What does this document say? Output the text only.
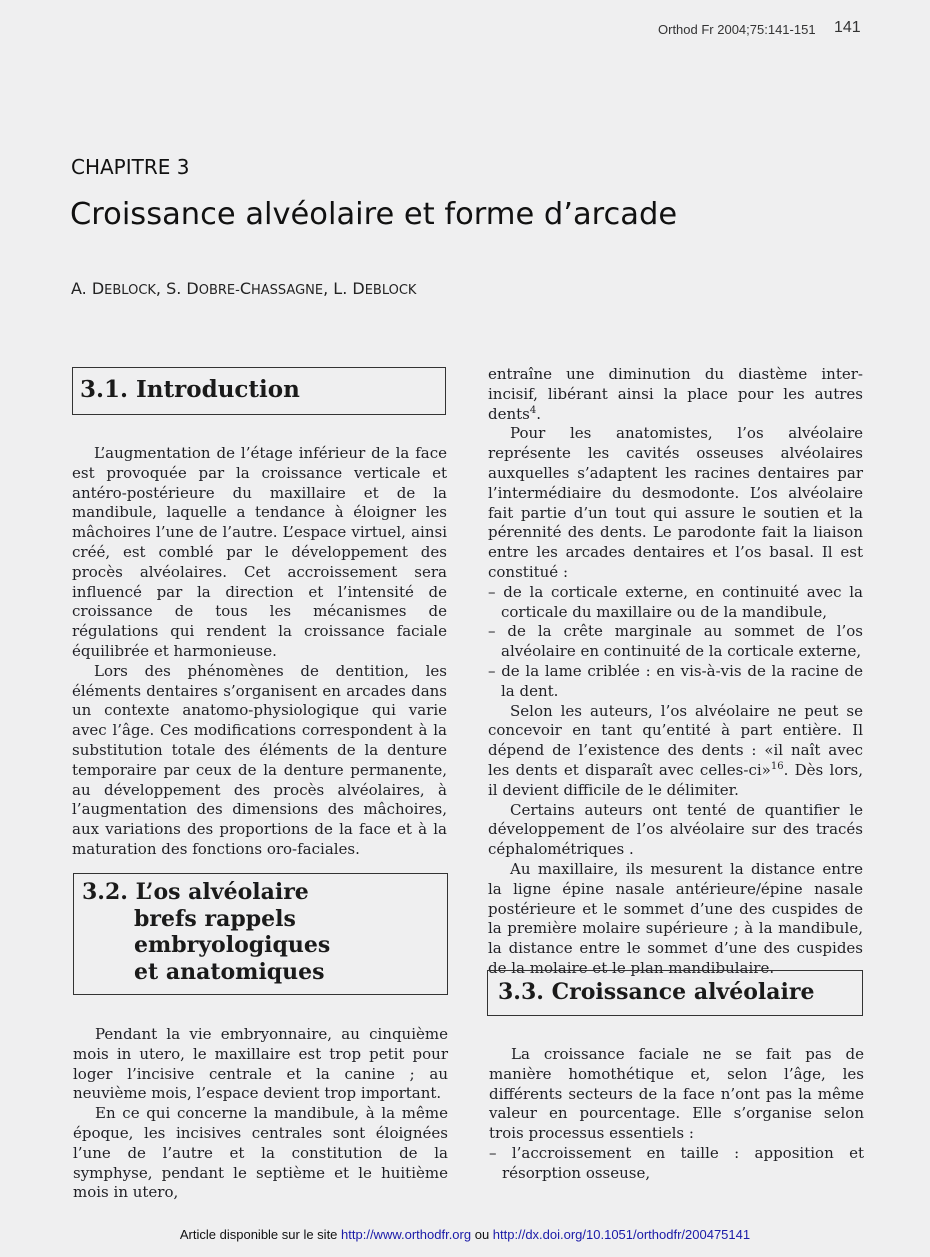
Orthod Fr 2004;75:141-151 141
CHAPITRE 3
Croissance alvéolaire et forme d’arcade
A. DEBLOCK, S. DOBRE-CHASSAGNE, L. DEBLOCK
3.1. Introduction

L’augmentation de l’étage inférieur de la face est provoquée par la croissance verticale et antéro-postérieure du maxillaire et de la mandibule, laquelle a tendance à éloigner les mâchoires l’une de l’autre. L’espace virtuel, ainsi créé, est comblé par le développement des procès alvéolaires. Cet accroissement sera influencé par la direction et l’intensité de croissance de tous les mécanismes de régulations qui rendent la croissance faciale équilibrée et harmonieuse.

Lors des phénomènes de dentition, les éléments dentaires s’organisent en arcades dans un contexte anatomo-physiologique qui varie avec l’âge. Ces modifications correspondent à la substitution totale des éléments de la denture temporaire par ceux de la denture permanente, au développement des procès alvéolaires, à l’augmentation des dimensions des mâchoires, aux variations des proportions de la face et à la maturation des fonctions oro-faciales.

3.2. L’os alvéolaire
brefs rappels
embryologiques
et anatomiques

Pendant la vie embryonnaire, au cinquième mois in utero, le maxillaire est trop petit pour loger l’incisive centrale et la canine ; au neuvième mois, l’espace devient trop important.

En ce qui concerne la mandibule, à la même époque, les incisives centrales sont éloignées l’une de l’autre et la constitution de la symphyse, pendant le septième et le huitième mois in utero,

entraîne une diminution du diastème inter-incisif, libérant ainsi la place pour les autres dents$^4$.

Pour les anatomistes, l’os alvéolaire représente les cavités osseuses alvéolaires auxquelles s’adaptent les racines dentaires par l’intermédiaire du desmodonte. L’os alvéolaire fait partie d’un tout qui assure le soutien et la pérennité des dents. Le parodonte fait la liaison entre les arcades dentaires et l’os basal. Il est constitué :

– de la corticale externe, en continuité avec la corticale du maxillaire ou de la mandibule,
– de la crête marginale au sommet de l’os alvéolaire en continuité de la corticale externe,
– de la lame criblée : en vis-à-vis de la racine de la dent.

Selon les auteurs, l’os alvéolaire ne peut se concevoir en tant qu’entité à part entière. Il dépend de l’existence des dents : «il naît avec les dents et disparaît avec celles-ci»$^{16}$. Dès lors, il devient difficile de le délimiter.

Certains auteurs ont tenté de quantifier le développement de l’os alvéolaire sur des tracés céphalométriques .

Au maxillaire, ils mesurent la distance entre la ligne épine nasale antérieure/épine nasale postérieure et le sommet d’une des cuspides de la première molaire supérieure ; à la mandibule, la distance entre le sommet d’une des cuspides de la molaire et le plan mandibulaire.

3.3. Croissance alvéolaire

La croissance faciale ne se fait pas de manière homothétique et, selon l’âge, les différents secteurs de la face n’ont pas la même valeur en pourcentage. Elle s’organise selon trois processus essentiels :

– l’accroissement en taille : apposition et résorption osseuse,
Article disponible sur le site http://www.orthodfr.org ou http://dx.doi.org/10.1051/orthodfr/200475141
